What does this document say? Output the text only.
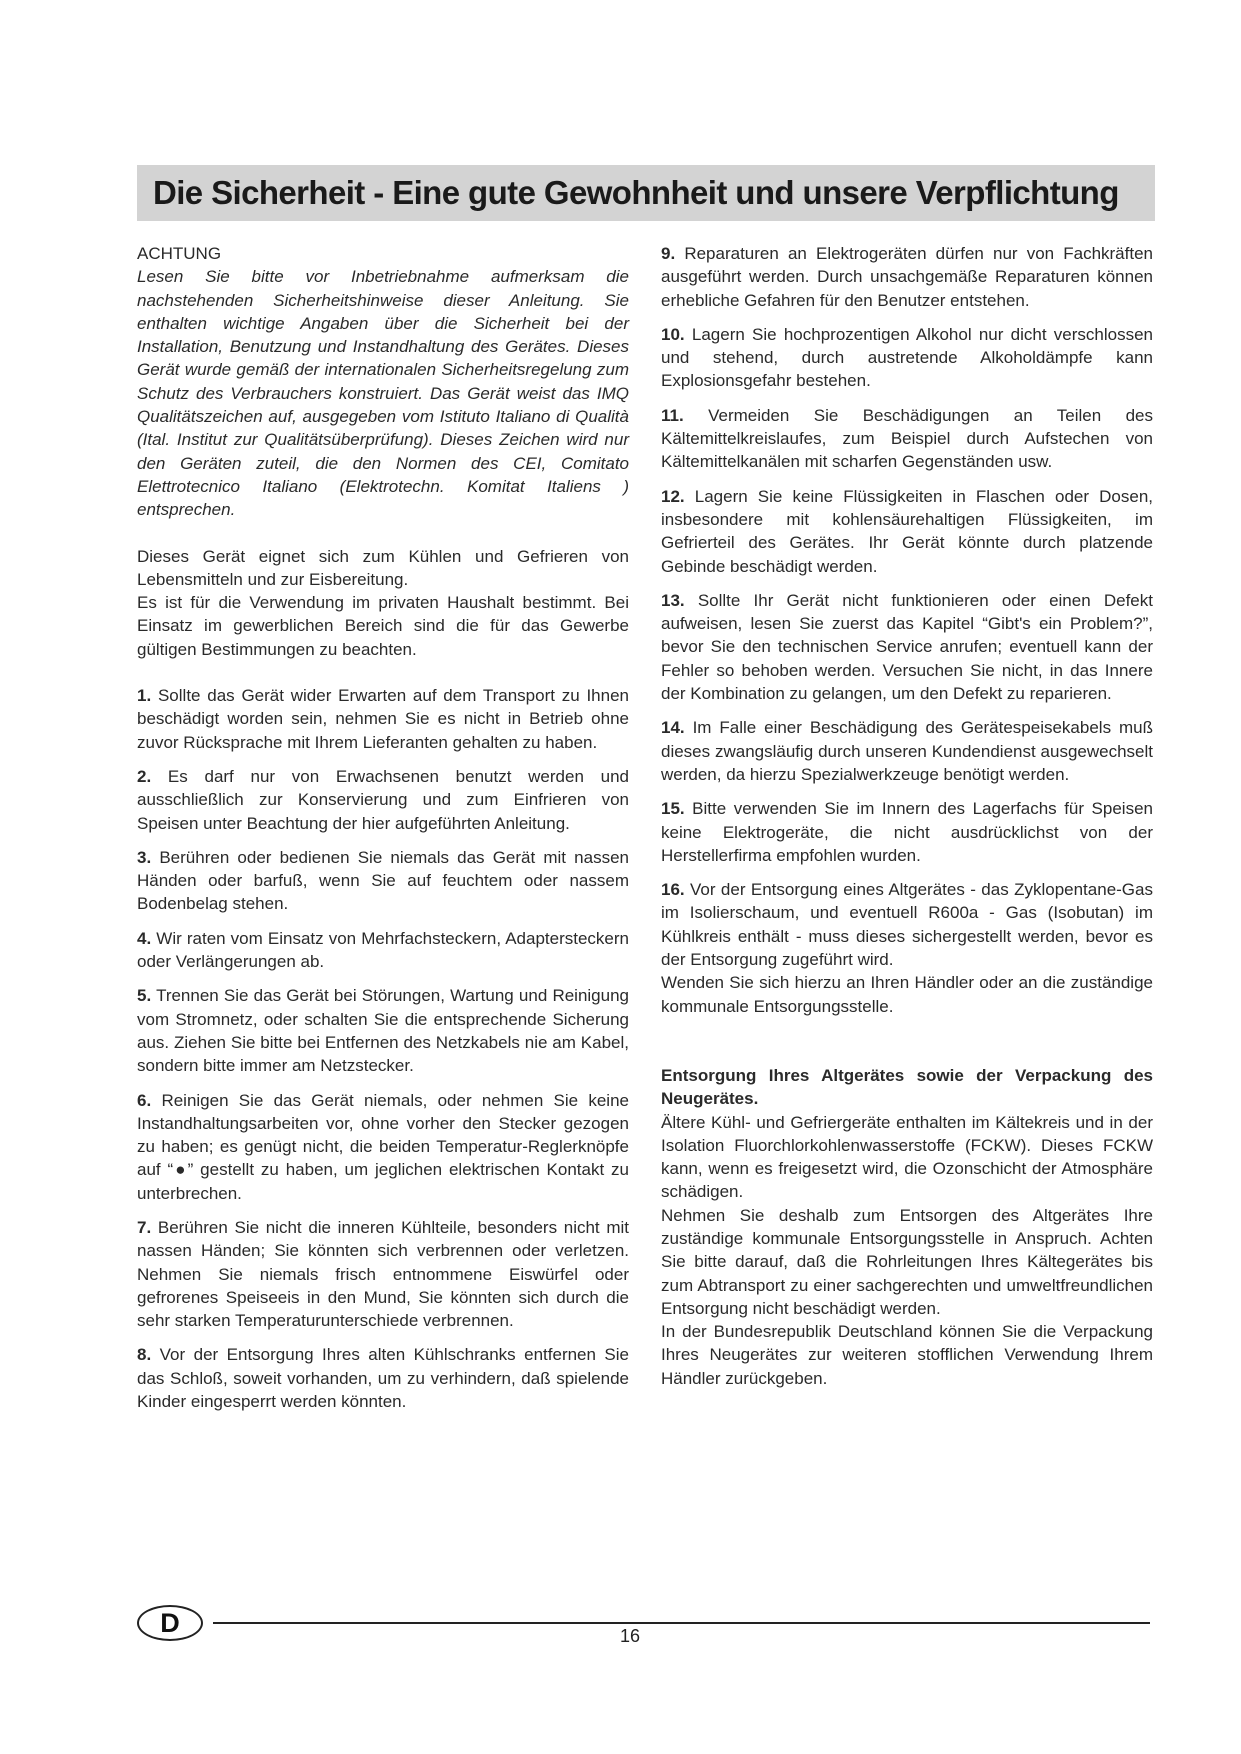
Die Sicherheit - Eine gute Gewohnheit und unsere Verpflichtung

ACHTUNG

Lesen Sie bitte vor Inbetriebnahme aufmerksam die nachstehenden Sicherheitshinweise dieser Anleitung. Sie enthalten wichtige Angaben über die Sicherheit bei der Installation, Benutzung und Instandhaltung des Gerätes. Dieses Gerät wurde gemäß der internationalen Sicherheitsregelung zum Schutz des Verbrauchers konstruiert. Das Gerät weist das IMQ Qualitätszeichen auf, ausgegeben vom Istituto Italiano di Qualità (Ital. Institut zur Qualitätsüberprüfung). Dieses Zeichen wird nur den Geräten zuteil, die den Normen des CEI, Comitato Elettrotecnico Italiano (Elektrotechn. Komitat Italiens ) entsprechen.

Dieses Gerät eignet sich zum Kühlen und Gefrieren von Lebensmitteln und zur Eisbereitung.

Es ist für die Verwendung im privaten Haushalt bestimmt. Bei Einsatz im gewerblichen Bereich sind die für das Gewerbe gültigen Bestimmungen zu beachten.

1. Sollte das Gerät wider Erwarten auf dem Transport zu Ihnen beschädigt worden sein, nehmen Sie es nicht in Betrieb ohne zuvor Rücksprache mit Ihrem Lieferanten gehalten zu haben.

2. Es darf nur von Erwachsenen benutzt werden und ausschließlich zur Konservierung und zum Einfrieren von Speisen unter Beachtung der hier aufgeführten Anleitung.

3. Berühren oder bedienen Sie niemals das Gerät mit nassen Händen oder barfuß, wenn Sie auf feuchtem oder nassem Bodenbelag stehen.

4. Wir raten vom Einsatz von Mehrfachsteckern, Adaptersteckern oder Verlängerungen ab.

5. Trennen Sie das Gerät bei Störungen, Wartung und Reinigung vom Stromnetz, oder schalten Sie die entsprechende Sicherung aus. Ziehen Sie bitte bei Entfernen des Netzkabels nie am Kabel, sondern bitte immer am Netzstecker.

6. Reinigen Sie das Gerät niemals, oder nehmen Sie keine Instandhaltungsarbeiten vor, ohne vorher den Stecker gezogen zu haben; es genügt nicht, die beiden Temperatur-Reglerknöpfe auf “●” gestellt zu haben, um jeglichen elektrischen Kontakt zu unterbrechen.

7. Berühren Sie nicht die inneren Kühlteile, besonders nicht mit nassen Händen; Sie könnten sich verbrennen oder verletzen. Nehmen Sie niemals frisch entnommene Eiswürfel oder gefrorenes Speiseeis in den Mund, Sie könnten sich durch die sehr starken Temperaturunterschiede verbrennen.

8. Vor der Entsorgung Ihres alten Kühlschranks entfernen Sie das Schloß, soweit vorhanden, um zu verhindern, daß spielende Kinder eingesperrt werden könnten.

9. Reparaturen an Elektrogeräten dürfen nur von Fachkräften ausgeführt werden. Durch unsachgemäße Reparaturen können erhebliche Gefahren für den Benutzer entstehen.

10. Lagern Sie hochprozentigen Alkohol nur dicht verschlossen und stehend, durch austretende Alkoholdämpfe kann Explosionsgefahr bestehen.

11. Vermeiden Sie Beschädigungen an Teilen des Kältemittelkreislaufes, zum Beispiel durch Aufstechen von Kältemittelkanälen mit scharfen Gegenständen usw.

12. Lagern Sie keine Flüssigkeiten in Flaschen oder Dosen, insbesondere mit kohlensäurehaltigen Flüssigkeiten, im Gefrierteil des Gerätes. Ihr Gerät könnte durch platzende Gebinde beschädigt werden.

13. Sollte Ihr Gerät nicht funktionieren oder einen Defekt aufweisen, lesen Sie zuerst das Kapitel “Gibt's ein Problem?”, bevor Sie den technischen Service anrufen; eventuell kann der Fehler so behoben werden. Versuchen Sie nicht, in das Innere der Kombination zu gelangen, um den Defekt zu reparieren.

14. Im Falle einer Beschädigung des Gerätespeisekabels muß dieses zwangsläufig durch unseren Kundendienst ausgewechselt werden, da hierzu Spezialwerkzeuge benötigt werden.

15. Bitte verwenden Sie im Innern des Lagerfachs für Speisen keine Elektrogeräte, die nicht ausdrücklichst von der Herstellerfirma empfohlen wurden.

16. Vor der Entsorgung eines Altgerätes - das Zyklopentane-Gas im Isolierschaum, und eventuell R600a - Gas (Isobutan) im Kühlkreis enthält - muss dieses sichergestellt werden, bevor es der Entsorgung zugeführt wird.

Wenden Sie sich hierzu an Ihren Händler oder an die zuständige kommunale Entsorgungsstelle.

Entsorgung Ihres Altgerätes sowie der Verpackung des Neugerätes.

Ältere Kühl- und Gefriergeräte enthalten im Kältekreis und in der Isolation Fluorchlorkohlenwasserstoffe (FCKW). Dieses FCKW kann, wenn es freigesetzt wird, die Ozonschicht der Atmosphäre schädigen.

Nehmen Sie deshalb zum Entsorgen des Altgerätes Ihre zuständige kommunale Entsorgungsstelle in Anspruch. Achten Sie bitte darauf, daß die Rohrleitungen Ihres Kältegerätes bis zum Abtransport zu einer sachgerechten und umweltfreundlichen Entsorgung nicht beschädigt werden.

In der Bundesrepublik Deutschland können Sie die Verpackung Ihres Neugerätes zur weiteren stofflichen Verwendung Ihrem Händler zurückgeben.

D	16
